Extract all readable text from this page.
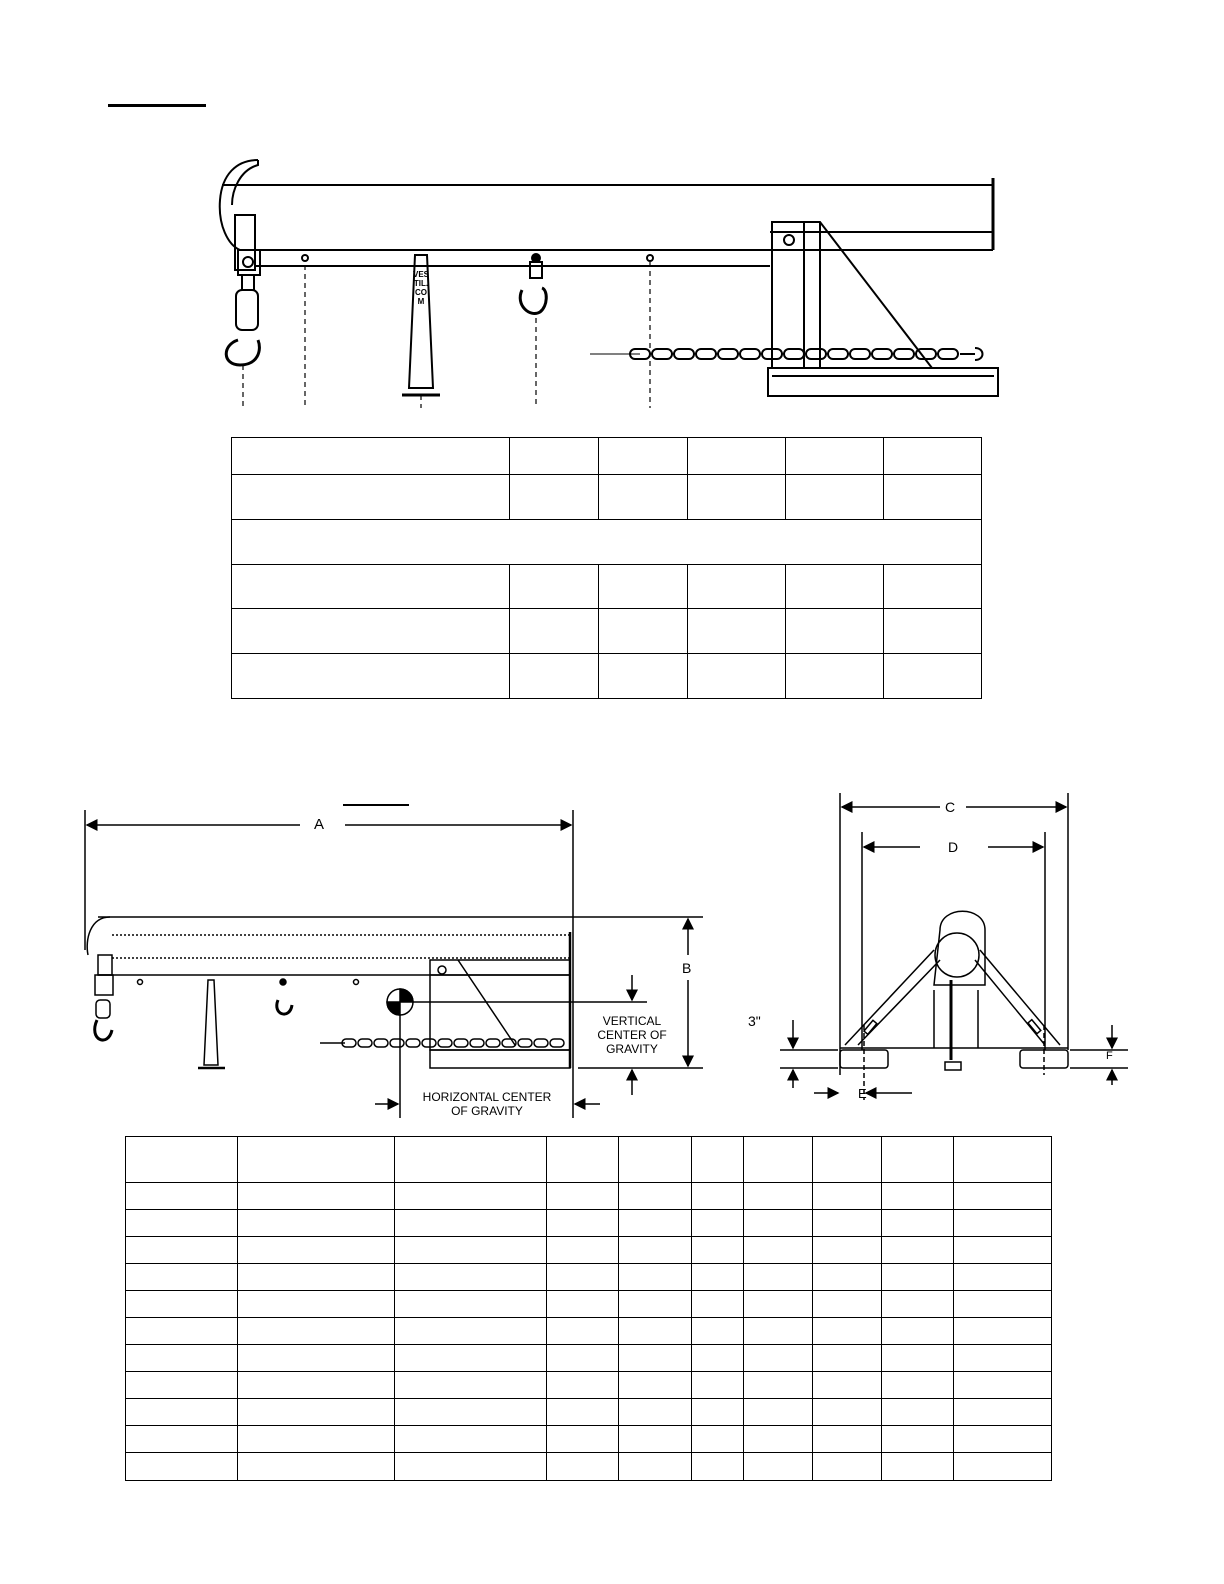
VESTIL.COM

A
B
VERTICAL
CENTER OF
GRAVITY
HORIZONTAL CENTER
OF GRAVITY
C
D
3"
E
F
